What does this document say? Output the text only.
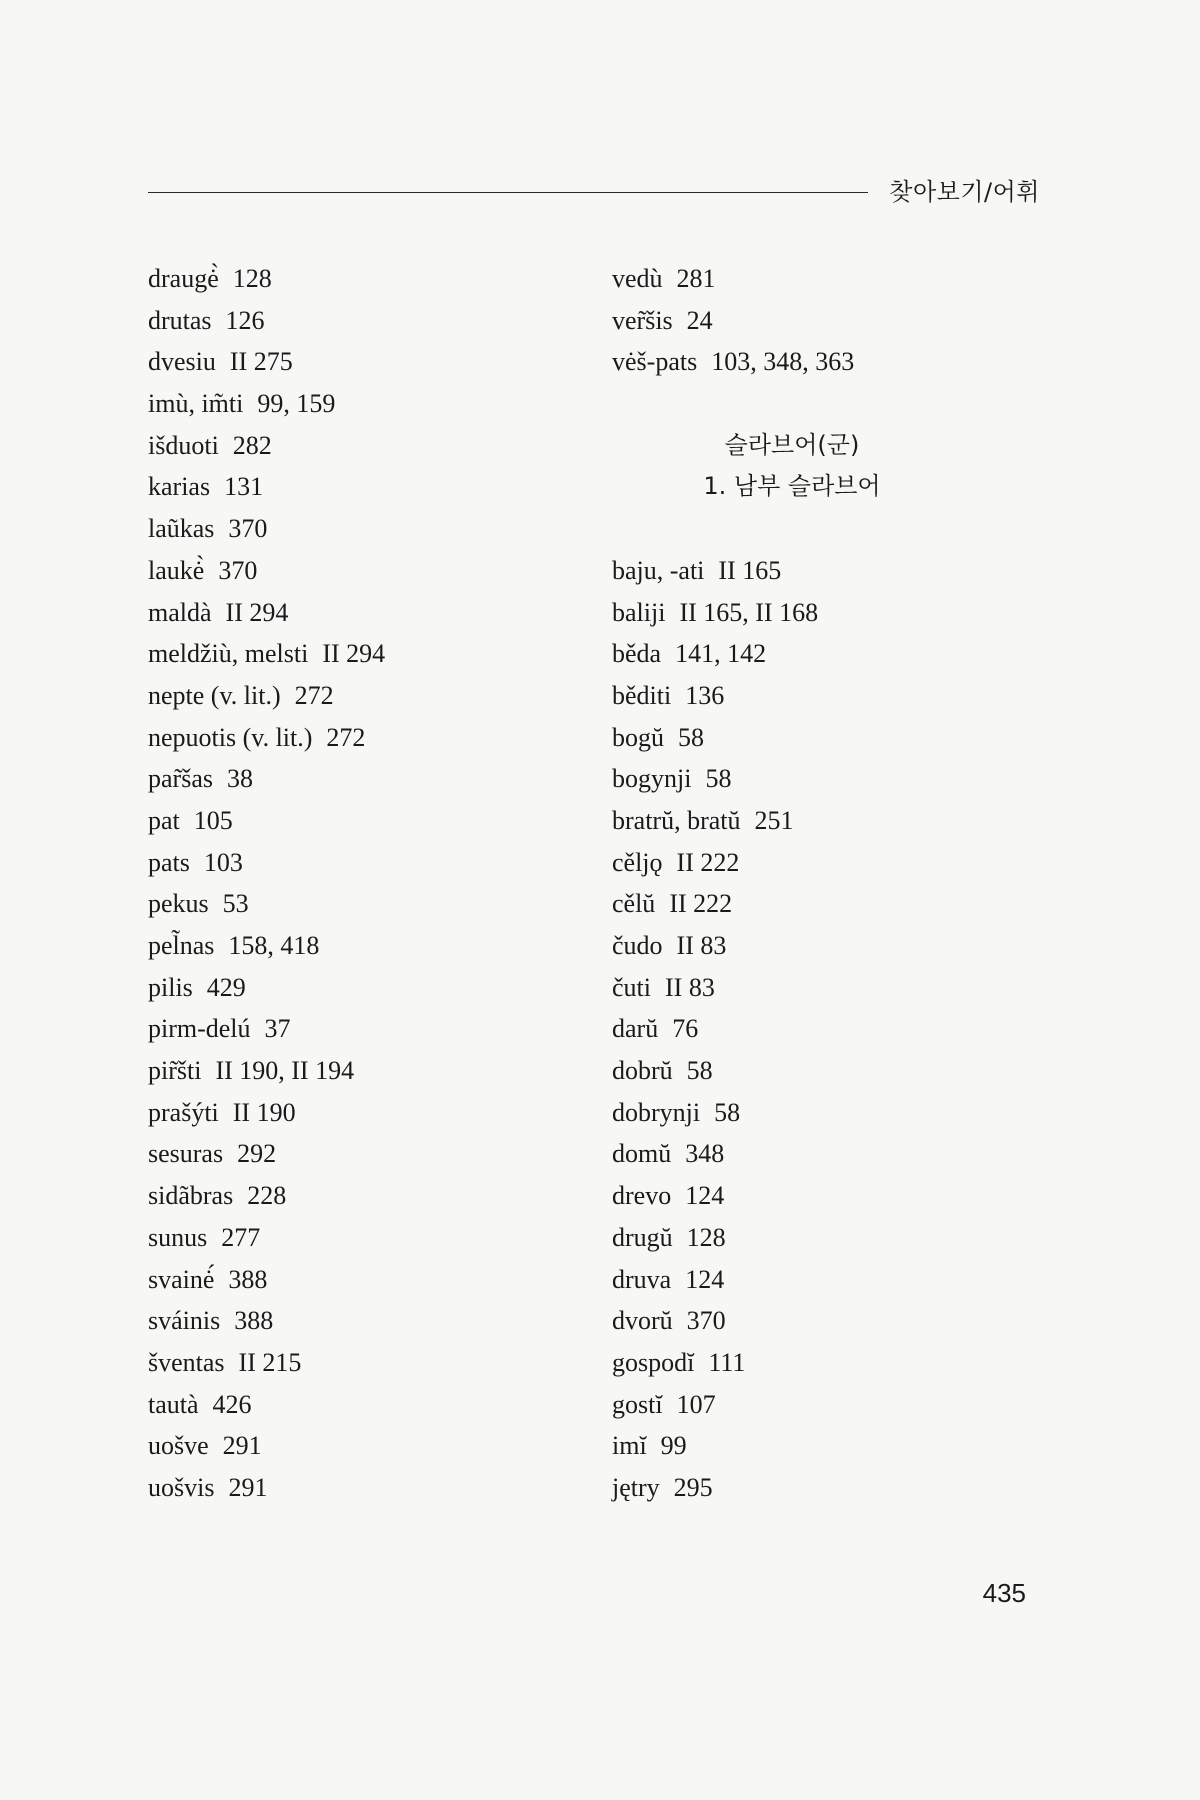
찾아보기/어휘
draugė̀ 128
drutas 126
dvesiu II 275
imù, im̃ti 99, 159
išduoti 282
karias 131
laũkas 370
laukė̀ 370
maldà II 294
meldžiù, melsti II 294
nepte (v. lit.) 272
nepuotis (v. lit.) 272
par̃šas 38
pat 105
pats 103
pekus 53
pel̃nas 158, 418
pilis 429
pirm-delú 37
pir̃šti II 190, II 194
prašýti II 190
sesuras 292
sidãbras 228
sunus 277
svainė́ 388
sváinis 388
šventas II 215
tautà 426
uošve 291
uošvis 291
vedù 281
ver̃šis 24
vėš-pats 103, 348, 363
슬라브어(군)
1. 남부 슬라브어
baju, -ati II 165
baliji II 165, II 168
běda 141, 142
běditi 136
bogŭ 58
bogynji 58
bratrŭ, bratŭ 251
cěljǫ II 222
cělŭ II 222
čudo II 83
čuti II 83
darŭ 76
dobrŭ 58
dobrynji 58
domŭ 348
drevo 124
drugŭ 128
druva 124
dvorŭ 370
gospodĭ 111
gostĭ 107
imĭ 99
jętry 295
435
